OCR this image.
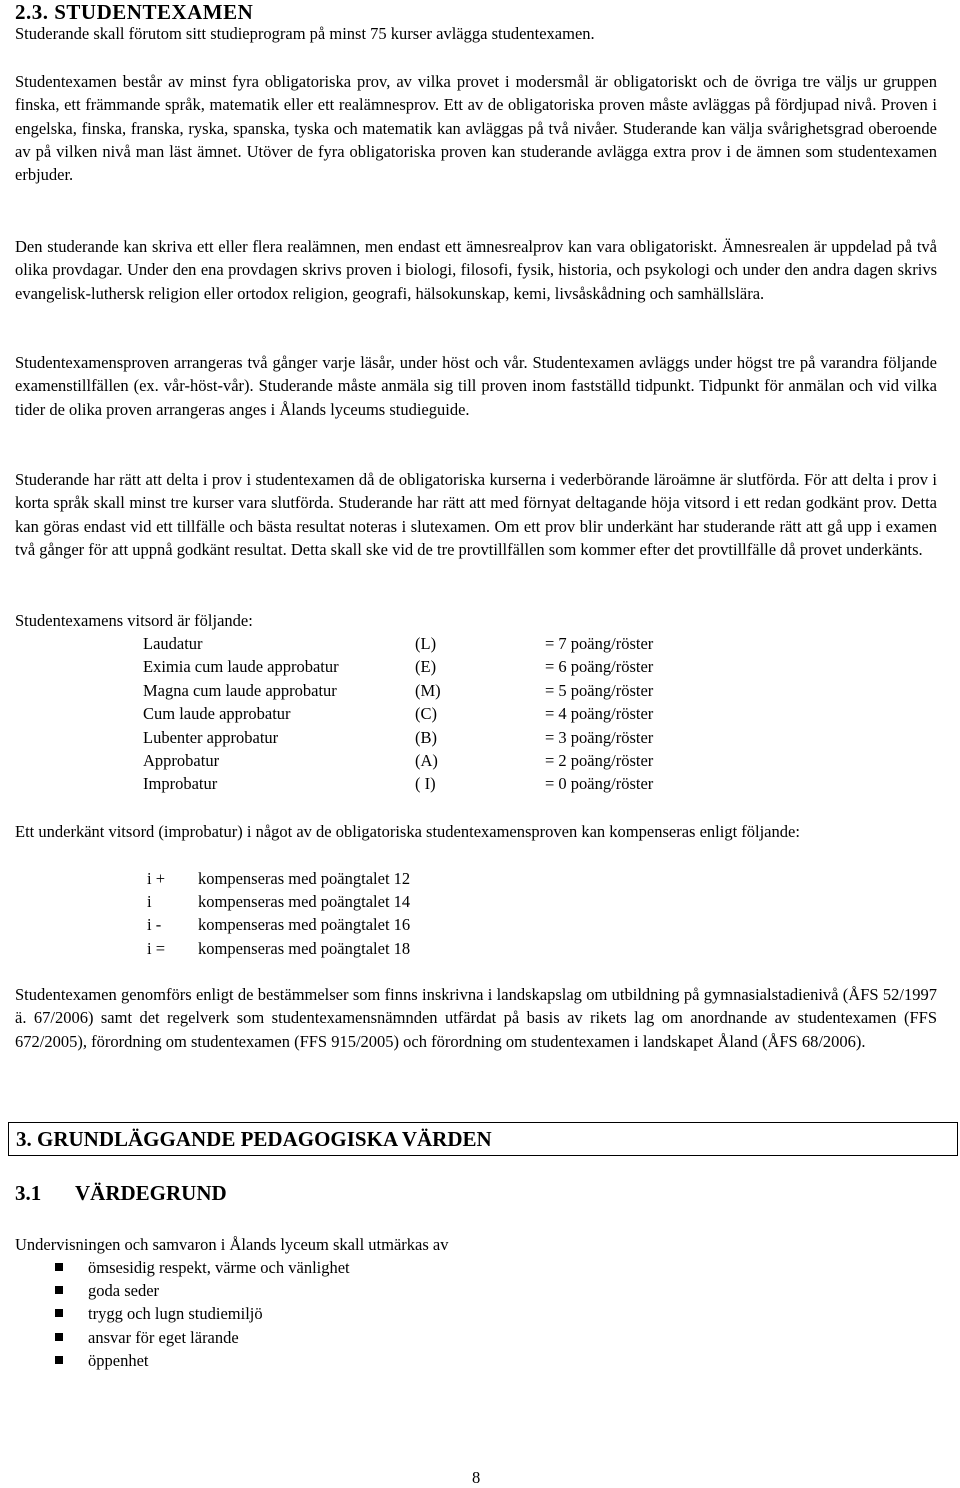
2.3. STUDENTEXAMEN
Studerande skall förutom sitt studieprogram på minst 75 kurser avlägga studentexamen.

Studentexamen består av minst fyra obligatoriska prov, av vilka provet i modersmål är obligatoriskt och de övriga tre väljs ur gruppen finska, ett främmande språk, matematik eller ett realämnesprov. Ett av de obligatoriska proven måste avläggas på fördjupad nivå. Proven i engelska, finska, franska, ryska, spanska, tyska och matematik kan avläggas på två nivåer. Studerande kan välja svårighetsgrad oberoende av på vilken nivå man läst ämnet. Utöver de fyra obligatoriska proven kan studerande avlägga extra prov i de ämnen som studentexamen erbjuder.

Den studerande kan skriva ett eller flera realämnen, men endast ett ämnesrealprov kan vara obligatoriskt. Ämnesrealen är uppdelad på två olika provdagar. Under den ena provdagen skrivs proven i biologi, filosofi, fysik, historia, och psykologi och under den andra dagen skrivs evangelisk-luthersk religion eller ortodox religion, geografi, hälsokunskap, kemi, livsåskådning och samhällslära.

Studentexamensproven arrangeras två gånger varje läsår, under höst och vår. Studentexamen avläggs under högst tre på varandra följande examenstillfällen (ex. vår-höst-vår). Studerande måste anmäla sig till proven inom fastställd tidpunkt. Tidpunkt för anmälan och vid vilka tider de olika proven arrangeras anges i Ålands lyceums studieguide.

Studerande har rätt att delta i prov i studentexamen då de obligatoriska kurserna i vederbörande läroämne är slutförda. För att delta i prov i korta språk skall minst tre kurser vara slutförda. Studerande har rätt att med förnyat deltagande höja vitsord i ett redan godkänt prov. Detta kan göras endast vid ett tillfälle och bästa resultat noteras i slutexamen. Om ett prov blir underkänt har studerande rätt att gå upp i examen två gånger för att uppnå godkänt resultat. Detta skall ske vid de tre provtillfällen som kommer efter det provtillfälle då provet underkänts.

Studentexamens vitsord är följande:
Laudatur	(L)	= 7 poäng/röster
Eximia cum laude approbatur	(E)	= 6 poäng/röster
Magna cum laude approbatur	(M)	= 5 poäng/röster
Cum laude approbatur	(C)	= 4 poäng/röster
Lubenter approbatur	(B)	= 3 poäng/röster
Approbatur	(A)	= 2 poäng/röster
Improbatur	( I)	= 0 poäng/röster

Ett underkänt vitsord (improbatur) i något av de obligatoriska studentexamensproven kan kompenseras enligt följande:

i + kompenseras med poängtalet 12
i	kompenseras med poängtalet 14
i - kompenseras med poängtalet 16
i = kompenseras med poängtalet 18

Studentexamen genomförs enligt de bestämmelser som finns inskrivna i landskapslag om utbildning på gymnasialstadienivå (ÅFS 52/1997 ä. 67/2006) samt det regelverk som studentexamensnämnden utfärdat på basis av rikets lag om anordnande av studentexamen (FFS 672/2005), förordning om studentexamen (FFS 915/2005) och förordning om studentexamen i landskapet Åland (ÅFS 68/2006).

3. GRUNDLÄGGANDE PEDAGOGISKA VÄRDEN
3.1 VÄRDEGRUND
Undervisningen och samvaron i Ålands lyceum skall utmärkas av
ömsesidig respekt, värme och vänlighet
goda seder
trygg och lugn studiemiljö
ansvar för eget lärande
öppenhet
8
